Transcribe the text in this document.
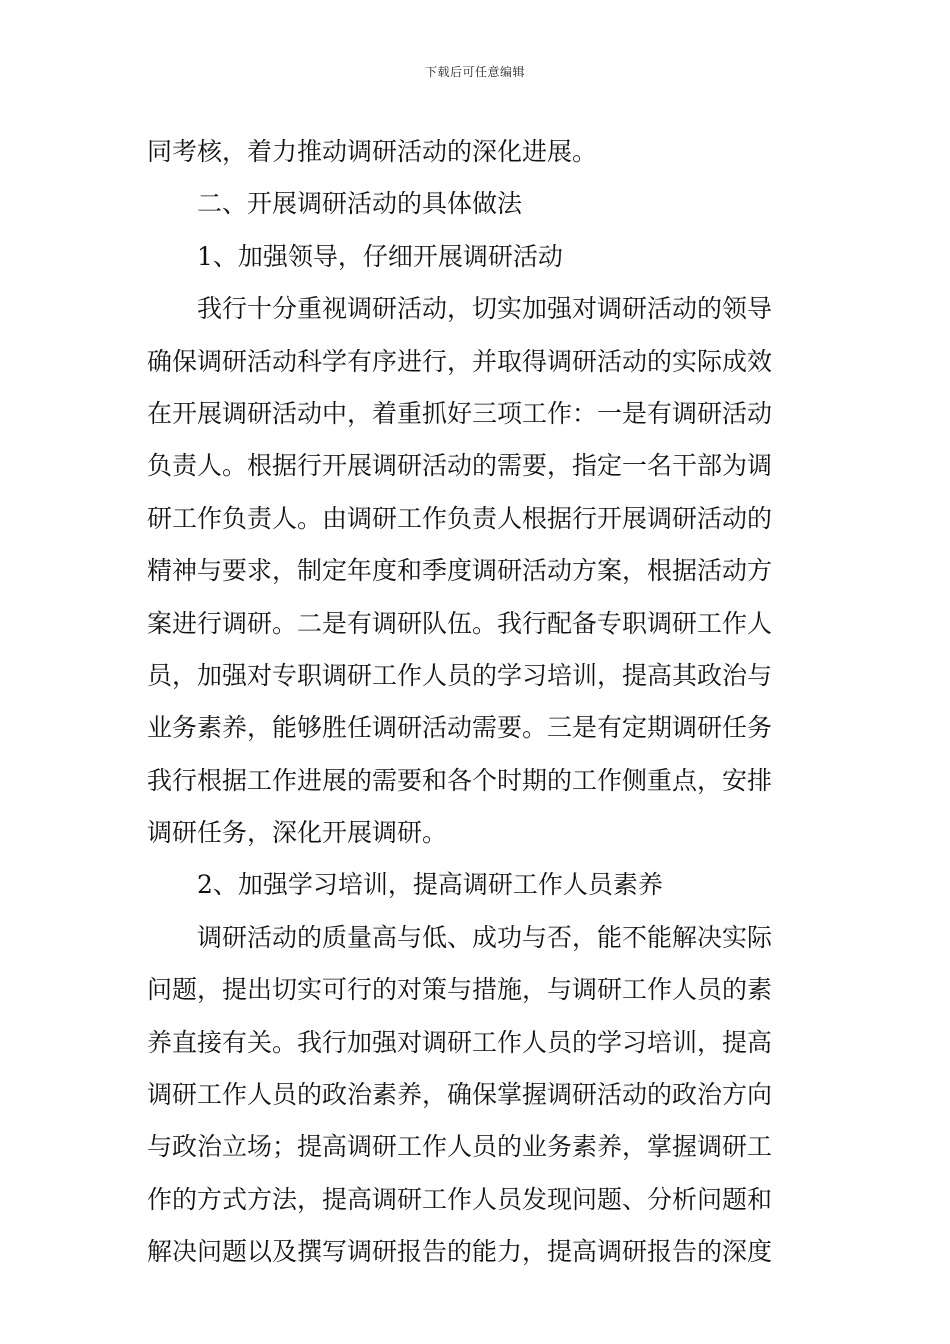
下载后可任意编辑
同考核，着力推动调研活动的深化进展。
二、开展调研活动的具体做法
1、加强领导，仔细开展调研活动
我行十分重视调研活动，切实加强对调研活动的领导
确保调研活动科学有序进行，并取得调研活动的实际成效
在开展调研活动中，着重抓好三项工作：一是有调研活动
负责人。根据行开展调研活动的需要，指定一名干部为调
研工作负责人。由调研工作负责人根据行开展调研活动的
精神与要求，制定年度和季度调研活动方案，根据活动方
案进行调研。二是有调研队伍。我行配备专职调研工作人
员，加强对专职调研工作人员的学习培训，提高其政治与
业务素养，能够胜任调研活动需要。三是有定期调研任务
我行根据工作进展的需要和各个时期的工作侧重点，安排
调研任务，深化开展调研。
2、加强学习培训，提高调研工作人员素养
调研活动的质量高与低、成功与否，能不能解决实际
问题，提出切实可行的对策与措施，与调研工作人员的素
养直接有关。我行加强对调研工作人员的学习培训，提高
调研工作人员的政治素养，确保掌握调研活动的政治方向
与政治立场；提高调研工作人员的业务素养，掌握调研工
作的方式方法，提高调研工作人员发现问题、分析问题和
解决问题以及撰写调研报告的能力，提高调研报告的深度
